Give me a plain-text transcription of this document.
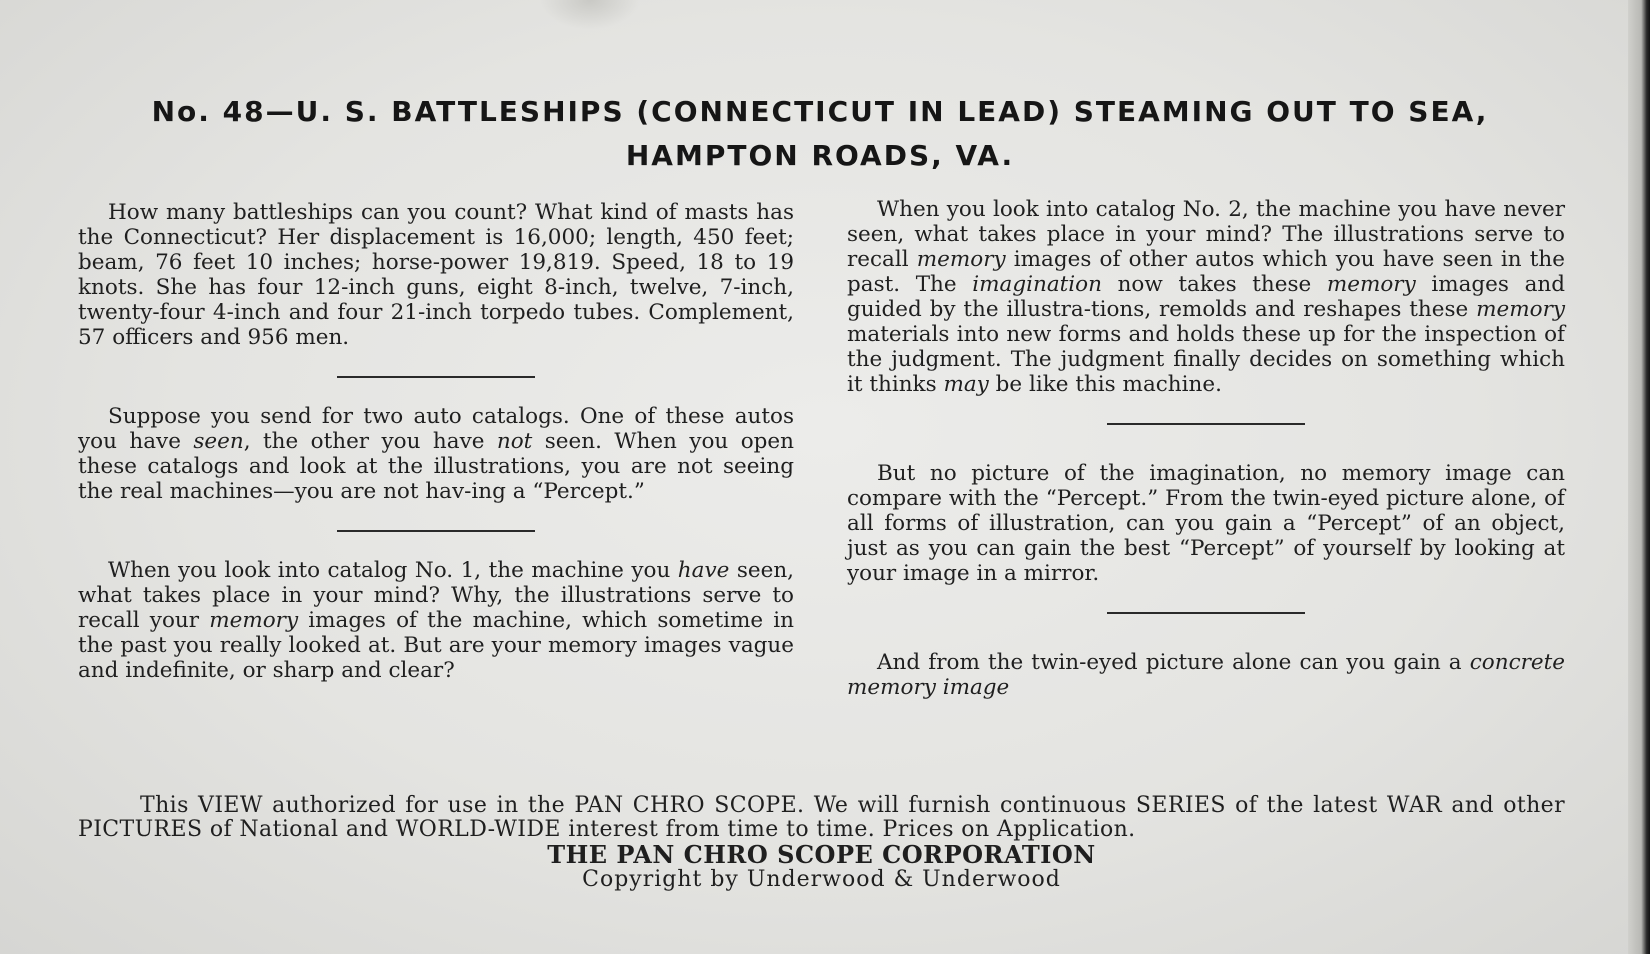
No. 48—U. S. BATTLESHIPS (CONNECTICUT IN LEAD) STEAMING OUT TO SEA,
HAMPTON ROADS, VA.

How many battleships can you count? What kind of masts has the Connecticut? Her displacement is 16,000; length, 450 feet; beam, 76 feet 10 inches; horse-power 19,819. Speed, 18 to 19 knots. She has four 12-inch guns, eight 8-inch, twelve, 7-inch, twenty-four 4-inch and four 21-inch torpedo tubes. Complement, 57 officers and 956 men.

Suppose you send for two auto catalogs. One of these autos you have seen, the other you have not seen. When you open these catalogs and look at the illustrations, you are not seeing the real machines—you are not hav-ing a “Percept.”

When you look into catalog No. 1, the machine you have seen, what takes place in your mind? Why, the illustrations serve to recall your memory images of the machine, which sometime in the past you really looked at. But are your memory images vague and indefinite, or sharp and clear?

When you look into catalog No. 2, the machine you have never seen, what takes place in your mind? The illustrations serve to recall memory images of other autos which you have seen in the past. The imagination now takes these memory images and guided by the illustra-tions, remolds and reshapes these memory materials into new forms and holds these up for the inspection of the judgment. The judgment finally decides on something which it thinks may be like this machine.

But no picture of the imagination, no memory image can compare with the “Percept.” From the twin-eyed picture alone, of all forms of illustration, can you gain a “Percept” of an object, just as you can gain the best “Percept” of yourself by looking at your image in a mirror.

And from the twin-eyed picture alone can you gain a concrete memory image

This VIEW authorized for use in the PAN CHRO SCOPE. We will furnish continuous SERIES of the latest WAR and other PICTURES of National and WORLD-WIDE interest from time to time. Prices on Application.

THE PAN CHRO SCOPE CORPORATION

Copyright by Underwood & Underwood
